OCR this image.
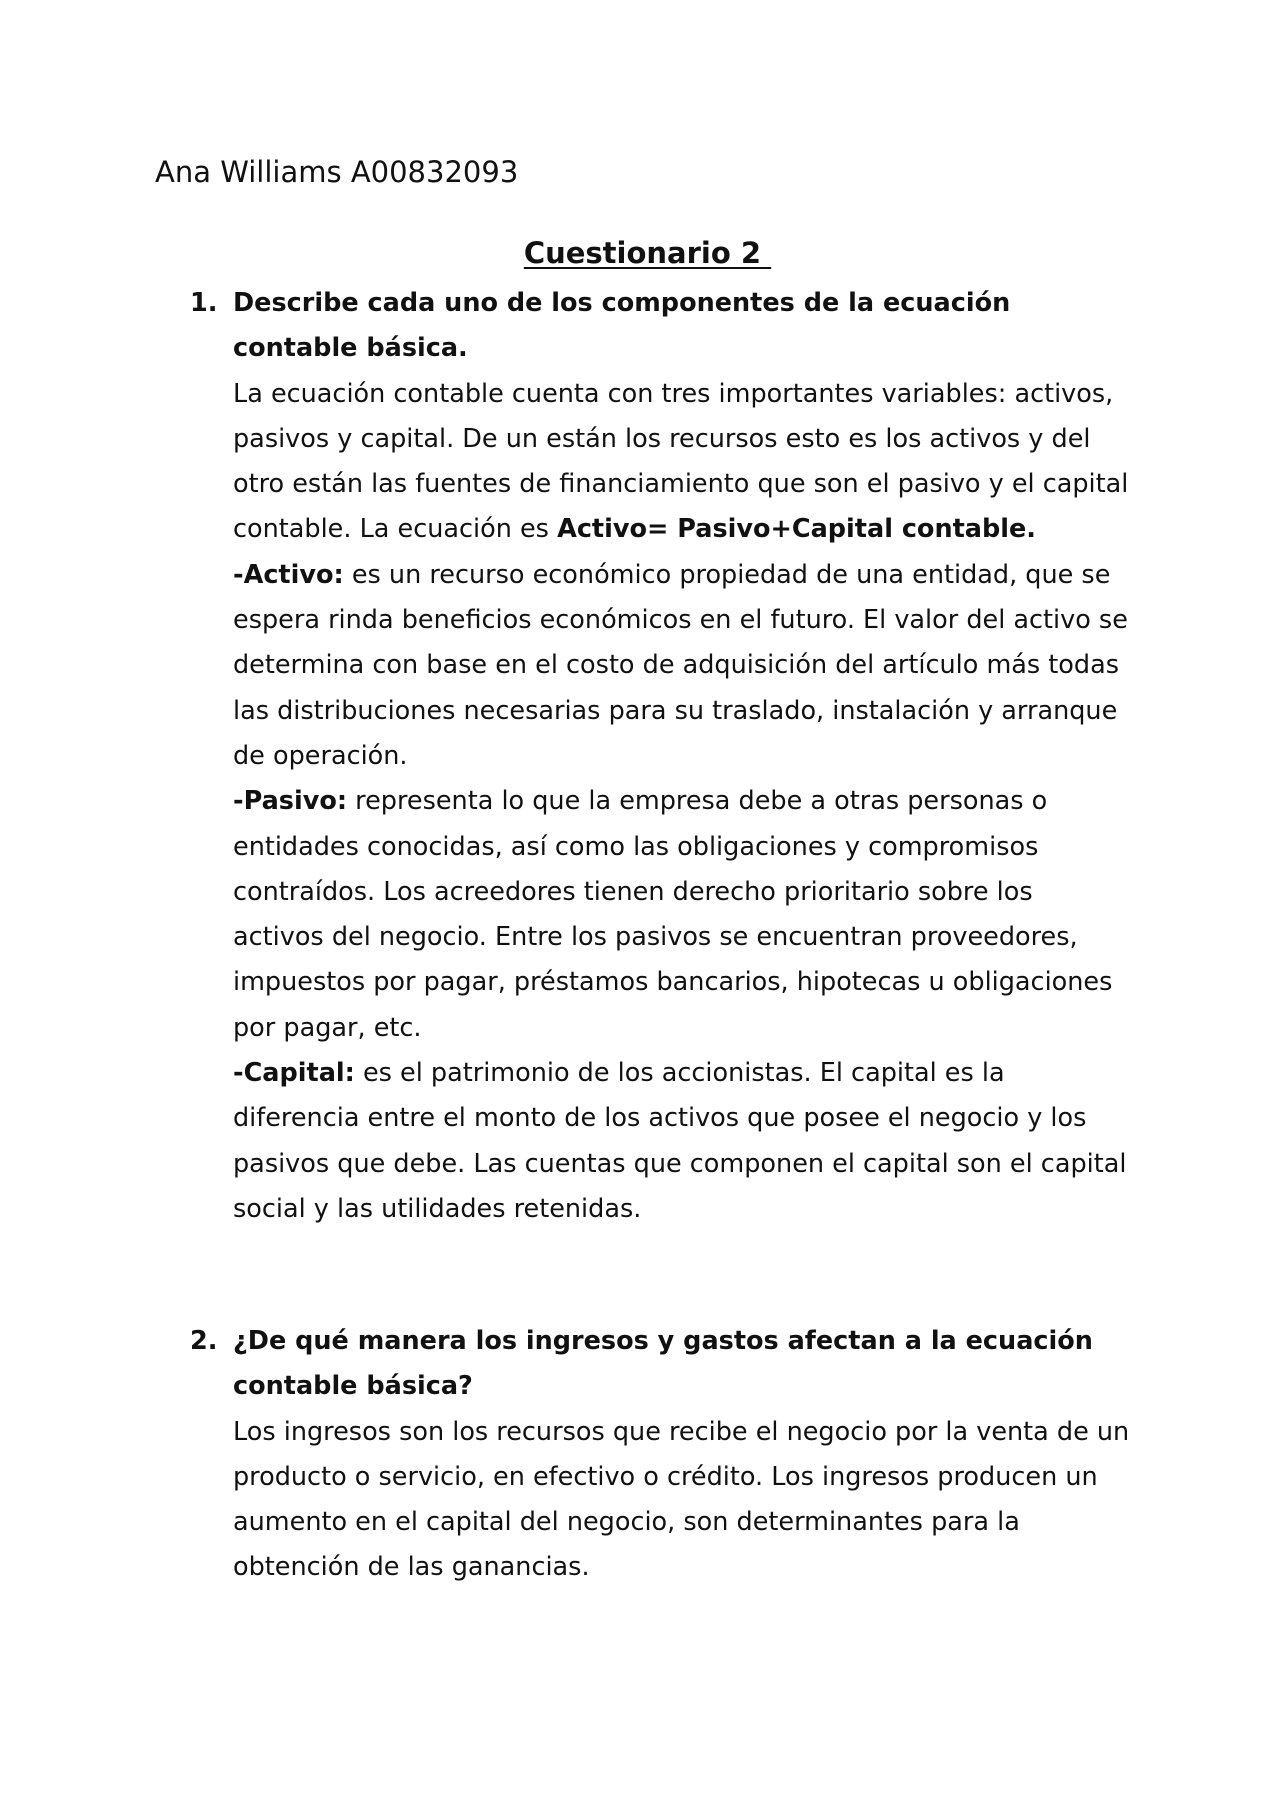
Ana Williams A00832093

Cuestionario 2
1. Describe cada uno de los componentes de la ecuación contable básica.

La ecuación contable cuenta con tres importantes variables: activos, pasivos y capital. De un están los recursos esto es los activos y del otro están las fuentes de financiamiento que son el pasivo y el capital contable. La ecuación es Activo= Pasivo+Capital contable.

-Activo: es un recurso económico propiedad de una entidad, que se espera rinda beneficios económicos en el futuro. El valor del activo se determina con base en el costo de adquisición del artículo más todas las distribuciones necesarias para su traslado, instalación y arranque de operación.

-Pasivo: representa lo que la empresa debe a otras personas o entidades conocidas, así como las obligaciones y compromisos contraídos. Los acreedores tienen derecho prioritario sobre los activos del negocio. Entre los pasivos se encuentran proveedores, impuestos por pagar, préstamos bancarios, hipotecas u obligaciones por pagar, etc.

-Capital: es el patrimonio de los accionistas. El capital es la diferencia entre el monto de los activos que posee el negocio y los pasivos que debe. Las cuentas que componen el capital son el capital social y las utilidades retenidas.

2. ¿De qué manera los ingresos y gastos afectan a la ecuación contable básica?

Los ingresos son los recursos que recibe el negocio por la venta de un producto o servicio, en efectivo o crédito. Los ingresos producen un aumento en el capital del negocio, son determinantes para la obtención de las ganancias.
